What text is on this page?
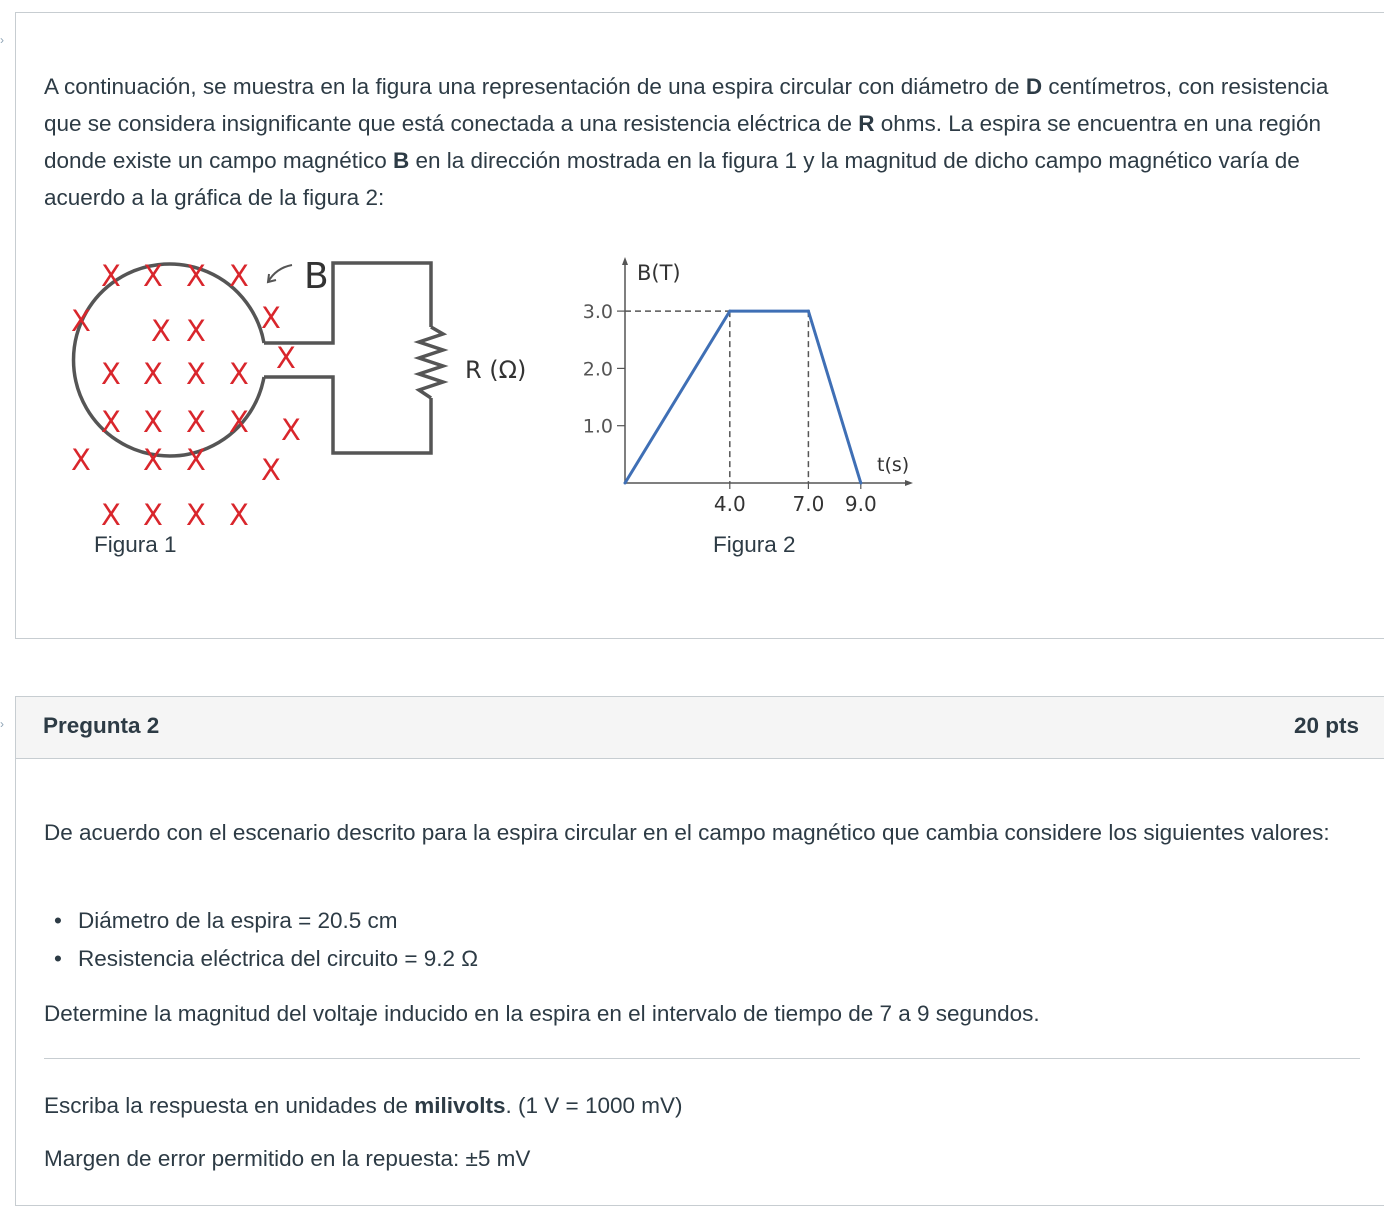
›

A continuación, se muestra en la figura una representación de una espira circular con diámetro de D centímetros, con resistencia que se considera insignificante que está conectada a una resistencia eléctrica de R ohms. La espira se encuentra en una región donde existe un campo magnético B en la dirección mostrada en la figura 1 y la magnitud de dicho campo magnético varía de acuerdo a la gráfica de la figura 2:

X X X X
X X X X
X X X X X
X X X X X
X X X X
X X X X
B
R (Ω)
Figura 1
1.0
2.0
3.0
4.0 7.0 9.0
B(T)
t(s)
Figura 2
› Pregunta 2	20 pts

De acuerdo con el escenario descrito para la espira circular en el campo magnético que cambia considere los siguientes valores:

• Diámetro de la espira = 20.5 cm
• Resistencia eléctrica del circuito = 9.2 Ω

Determine la magnitud del voltaje inducido en la espira en el intervalo de tiempo de 7 a 9 segundos.

Escriba la respuesta en unidades de milivolts. (1 V = 1000 mV)

Margen de error permitido en la repuesta: ±5 mV
